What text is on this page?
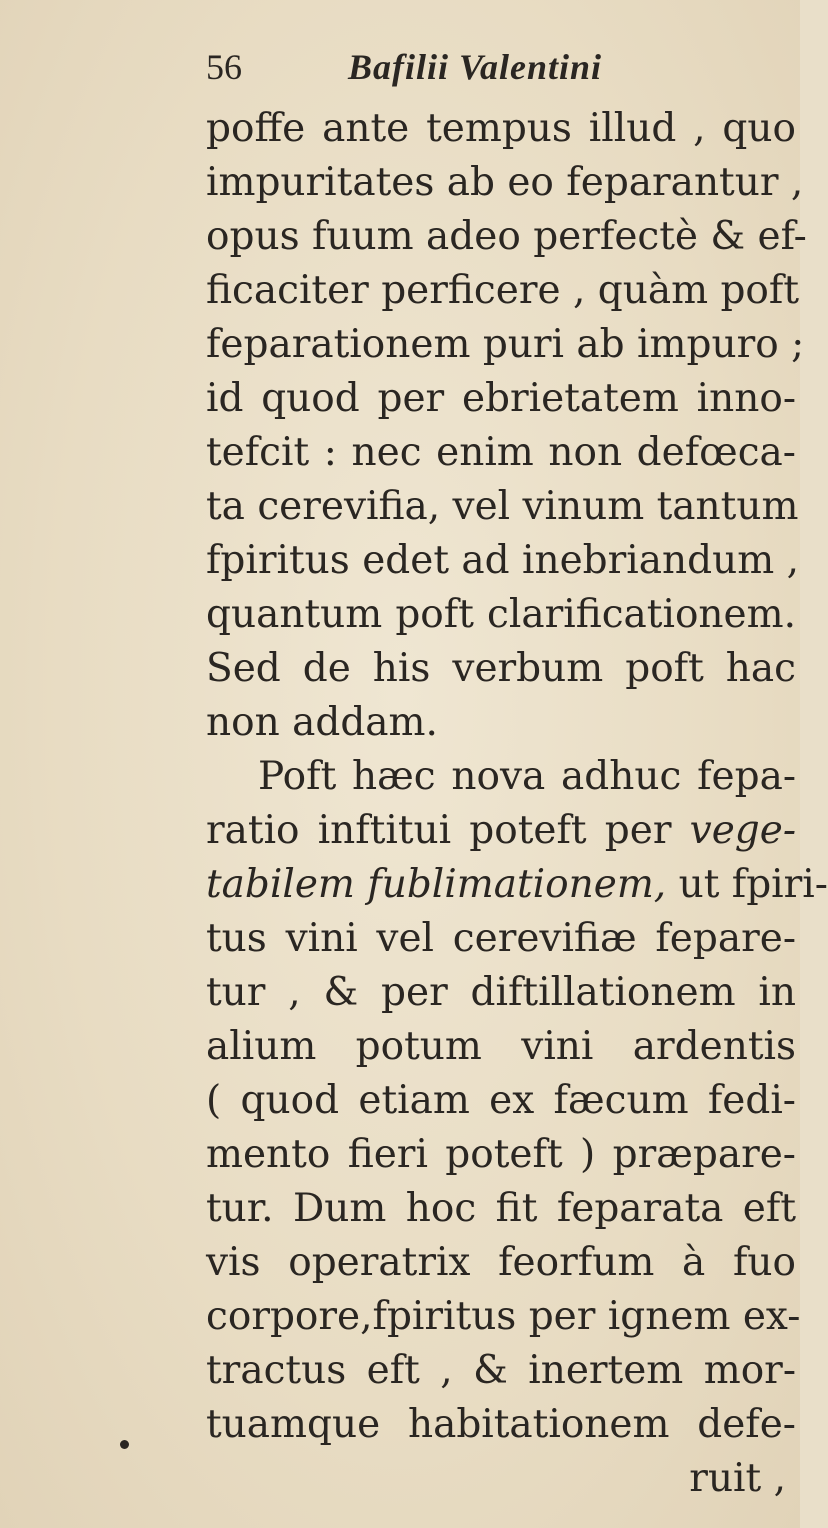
56	Bafilii Valentini
poffe ante tempus illud , quo
impuritates ab eo feparantur ,
opus fuum adeo perfectè & ef-
ficaciter perficere , quàm poft
feparationem puri ab impuro ;
id quod per ebrietatem inno-
tefcit : nec enim non defœca-
ta cerevifia, vel vinum tantum
fpiritus edet ad inebriandum ,
quantum poft clarificationem.
Sed de his verbum poft hac
non addam.
Poft hæc nova adhuc fepa-
ratio inftitui poteft per vege-
tabilem fublimationem, ut fpiri-
tus vini vel cerevifiæ fepare-
tur , & per diftillationem in
alium potum vini ardentis
( quod etiam ex fæcum fedi-
mento fieri poteft ) præpare-
tur. Dum hoc fit feparata eft
vis operatrix feorfum à fuo
corpore,fpiritus per ignem ex-
tractus eft , & inertem mor-
tuamque habitationem defe-
ruit ,
